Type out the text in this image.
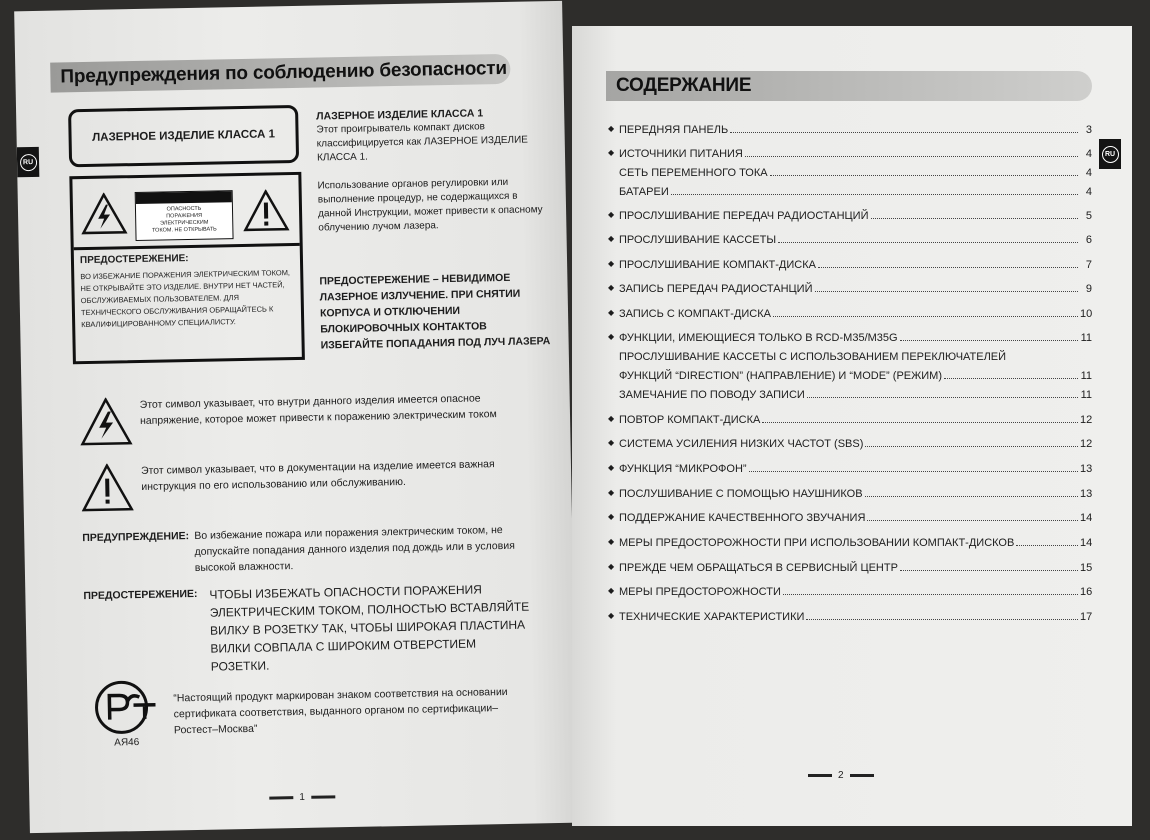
Предупреждения по соблюдению безопасности
RU
ЛАЗЕРНОЕ ИЗДЕЛИЕ КЛАССА 1
ОПАСНОСТЬ
ПОРАЖЕНИЯ
ЭЛЕКТРИЧЕСКИМ
ТОКОМ. НЕ ОТКРЫВАТЬ
ПРЕДОСТЕРЕЖЕНИЕ:
ВО ИЗБЕЖАНИЕ ПОРАЖЕНИЯ ЭЛЕКТРИЧЕСКИМ ТОКОМ, НЕ ОТКРЫВАЙТЕ ЭТО ИЗДЕЛИЕ. ВНУТРИ НЕТ ЧАСТЕЙ, ОБСЛУЖИВАЕМЫХ ПОЛЬЗОВАТЕЛЕМ. ДЛЯ ТЕХНИЧЕСКОГО ОБСЛУЖИВАНИЯ ОБРАЩАЙТЕСЬ К КВАЛИФИЦИРОВАННОМУ СПЕЦИАЛИСТУ.
ЛАЗЕРНОЕ ИЗДЕЛИЕ КЛАССА 1

Этот проигрыватель компакт дисков классифицируется как ЛАЗЕРНОЕ ИЗДЕЛИЕ КЛАССА 1.

Использование органов регулировки или выполнение процедур, не содержащихся в данной Инструкции, может привести к опасному облучению лучом лазера.

ПРЕДОСТЕРЕЖЕНИЕ – НЕВИДИМОЕ ЛАЗЕРНОЕ ИЗЛУЧЕНИЕ. ПРИ СНЯТИИ КОРПУСА И ОТКЛЮЧЕНИИ БЛОКИРОВОЧНЫХ КОНТАКТОВ ИЗБЕГАЙТЕ ПОПАДАНИЯ ПОД ЛУЧ ЛАЗЕРА
Этот символ указывает, что внутри данного изделия имеется опасное напряжение, которое может привести к поражению электрическим током
Этот символ указывает, что в документации на изделие имеется важная инструкция по его использованию или обслуживанию.
ПРЕДУПРЕЖДЕНИЕ: Во избежание пожара или поражения электрическим током, не допускайте попадания данного изделия под дождь или в условия высокой влажности.
ПРЕДОСТЕРЕЖЕНИЕ: ЧТОБЫ ИЗБЕЖАТЬ ОПАСНОСТИ ПОРАЖЕНИЯ ЭЛЕКТРИЧЕСКИМ ТОКОМ, ПОЛНОСТЬЮ ВСТАВЛЯЙТЕ ВИЛКУ В РОЗЕТКУ ТАК, ЧТОБЫ ШИРОКАЯ ПЛАСТИНА ВИЛКИ СОВПАЛА С ШИРОКИМ ОТВЕРСТИЕМ РОЗЕТКИ.
АЯ46
“Настоящий продукт маркирован знаком соответствия на основании сертификата соответствия, выданного органом по сертификации–Ростест–Москва”
1
СОДЕРЖАНИЕ
RU
◆ ПЕРЕДНЯЯ ПАНЕЛЬ	3
◆ ИСТОЧНИКИ ПИТАНИЯ	4
СЕТЬ ПЕРЕМЕННОГО ТОКА	4
БАТАРЕИ	4
◆ ПРОСЛУШИВАНИЕ ПЕРЕДАЧ РАДИОСТАНЦИЙ	5
◆ ПРОСЛУШИВАНИЕ КАССЕТЫ	6
◆ ПРОСЛУШИВАНИЕ КОМПАКТ-ДИСКА	7
◆ ЗАПИСЬ ПЕРЕДАЧ РАДИОСТАНЦИЙ	9
◆ ЗАПИСЬ С КОМПАКТ-ДИСКА	10
◆ ФУНКЦИИ, ИМЕЮЩИЕСЯ ТОЛЬКО В RCD-M35/M35G	11
ПРОСЛУШИВАНИЕ КАССЕТЫ С ИСПОЛЬЗОВАНИЕМ ПЕРЕКЛЮЧАТЕЛЕЙ
ФУНКЦИЙ “DIRECTION” (НАПРАВЛЕНИЕ) И “MODE” (РЕЖИМ)	11
ЗАМЕЧАНИЕ ПО ПОВОДУ ЗАПИСИ	11
◆ ПОВТОР КОМПАКТ-ДИСКА	12
◆ СИСТЕМА УСИЛЕНИЯ НИЗКИХ ЧАСТОТ (SBS)	12
◆ ФУНКЦИЯ “МИКРОФОН”	13
◆ ПОСЛУШИВАНИЕ С ПОМОЩЬЮ НАУШНИКОВ	13
◆ ПОДДЕРЖАНИЕ КАЧЕСТВЕННОГО ЗВУЧАНИЯ	14
◆ МЕРЫ ПРЕДОСТОРОЖНОСТИ ПРИ ИСПОЛЬЗОВАНИИ КОМПАКТ-ДИСКОВ	14
◆ ПРЕЖДЕ ЧЕМ ОБРАЩАТЬСЯ В СЕРВИСНЫЙ ЦЕНТР	15
◆ МЕРЫ ПРЕДОСТОРОЖНОСТИ	16
◆ ТЕХНИЧЕСКИЕ ХАРАКТЕРИСТИКИ	17
2
